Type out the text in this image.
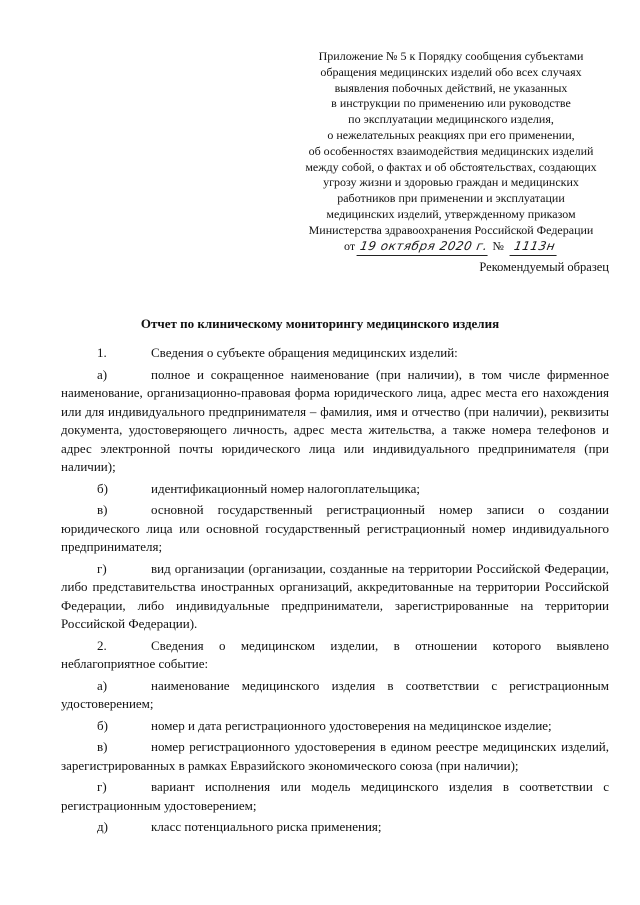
Приложение № 5 к Порядку сообщения субъектами
обращения медицинских изделий обо всех случаях
выявления побочных действий, не указанных
в инструкции по применению или руководстве
по эксплуатации медицинского изделия,
о нежелательных реакциях при его применении,
об особенностях взаимодействия медицинских изделий
между собой, о фактах и об обстоятельствах, создающих
угрозу жизни и здоровью граждан и медицинских
работников при применении и эксплуатации
медицинских изделий, утвержденному приказом
Министерства здравоохранения Российской Федерации
от 19 октября 2020 г. № 1113н
Рекомендуемый образец
Отчет по клиническому мониторингу медицинского изделия

1.	Сведения о субъекте обращения медицинских изделий:

а)	полное и сокращенное наименование (при наличии), в том числе фирменное наименование, организационно-правовая форма юридического лица, адрес места его нахождения или для индивидуального предпринимателя – фамилия, имя и отчество (при наличии), реквизиты документа, удостоверяющего личность, адрес места жительства, а также номера телефонов и адрес электронной почты юридического лица или индивидуального предпринимателя (при наличии);

б)	идентификационный номер налогоплательщика;

в)	основной государственный регистрационный номер записи о создании юридического лица или основной государственный регистрационный номер индивидуального предпринимателя;

г)	вид организации (организации, созданные на территории Российской Федерации, либо представительства иностранных организаций, аккредитованные на территории Российской Федерации, либо индивидуальные предприниматели, зарегистрированные на территории Российской Федерации).

2.	Сведения о медицинском изделии, в отношении которого выявлено неблагоприятное событие:

а)	наименование медицинского изделия в соответствии с регистрационным удостоверением;

б)	номер и дата регистрационного удостоверения на медицинское изделие;

в)	номер регистрационного удостоверения в едином реестре медицинских изделий, зарегистрированных в рамках Евразийского экономического союза (при наличии);

г)	вариант исполнения или модель медицинского изделия в соответствии с регистрационным удостоверением;

д)	класс потенциального риска применения;
